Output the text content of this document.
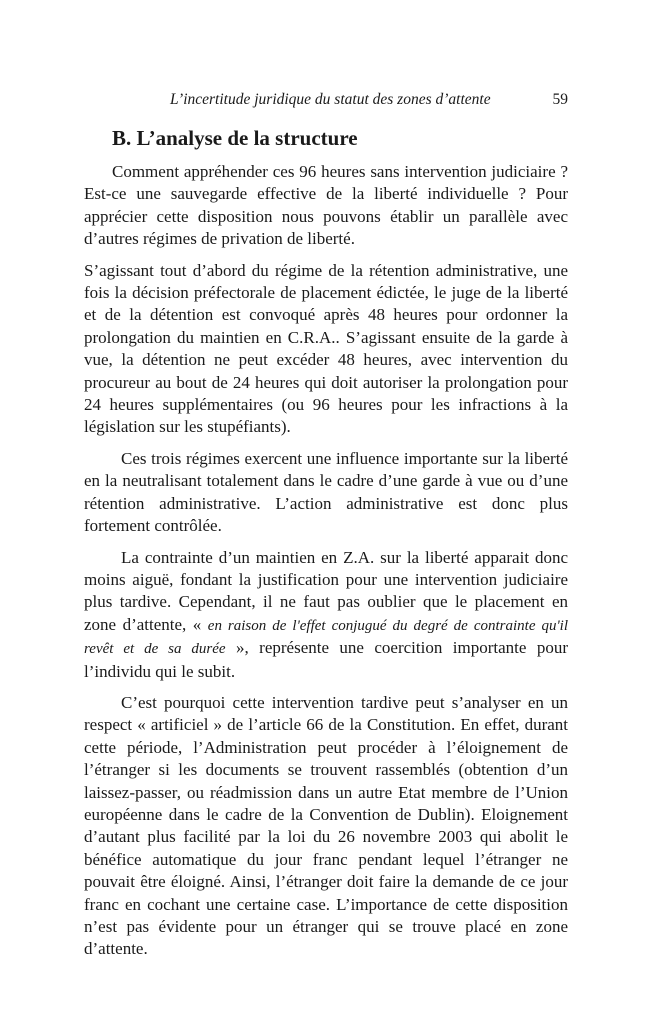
L’incertitude juridique du statut des zones d’attente	59
B. L’analyse de la structure

Comment appréhender ces 96 heures sans intervention judiciaire ? Est-ce une sauvegarde effective de la liberté individuelle ? Pour apprécier cette disposition nous pouvons établir un parallèle avec d’autres régimes de privation de liberté.

S’agissant tout d’abord du régime de la rétention administrative, une fois la décision préfectorale de placement édictée, le juge de la liberté et de la détention est convoqué après 48 heures pour ordonner la prolongation du maintien en C.R.A.. S’agissant ensuite de la garde à vue, la détention ne peut excéder 48 heures, avec intervention du procureur au bout de 24 heures qui doit autoriser la prolongation pour 24 heures supplémentaires (ou 96 heures pour les infractions à la législation sur les stupéfiants).

Ces trois régimes exercent une influence importante sur la liberté en la neutralisant totalement dans le cadre d’une garde à vue ou d’une rétention administrative. L’action administrative est donc plus fortement contrôlée.

La contrainte d’un maintien en Z.A. sur la liberté apparait donc moins aiguë, fondant la justification pour une intervention judiciaire plus tardive. Cependant, il ne faut pas oublier que le placement en zone d’attente, « en raison de l'effet conjugué du degré de contrainte qu'il revêt et de sa durée », représente une coercition importante pour l’individu qui le subit.

C’est pourquoi cette intervention tardive peut s’analyser en un respect « artificiel » de l’article 66 de la Constitution. En effet, durant cette période, l’Administration peut procéder à l’éloignement de l’étranger si les documents se trouvent rassemblés (obtention d’un laissez-passer, ou réadmission dans un autre Etat membre de l’Union européenne dans le cadre de la Convention de Dublin). Eloignement d’autant plus facilité par la loi du 26 novembre 2003 qui abolit le bénéfice automatique du jour franc pendant lequel l’étranger ne pouvait être éloigné. Ainsi, l’étranger doit faire la demande de ce jour franc en cochant une certaine case. L’importance de cette disposition n’est pas évidente pour un étranger qui se trouve placé en zone d’attente.
